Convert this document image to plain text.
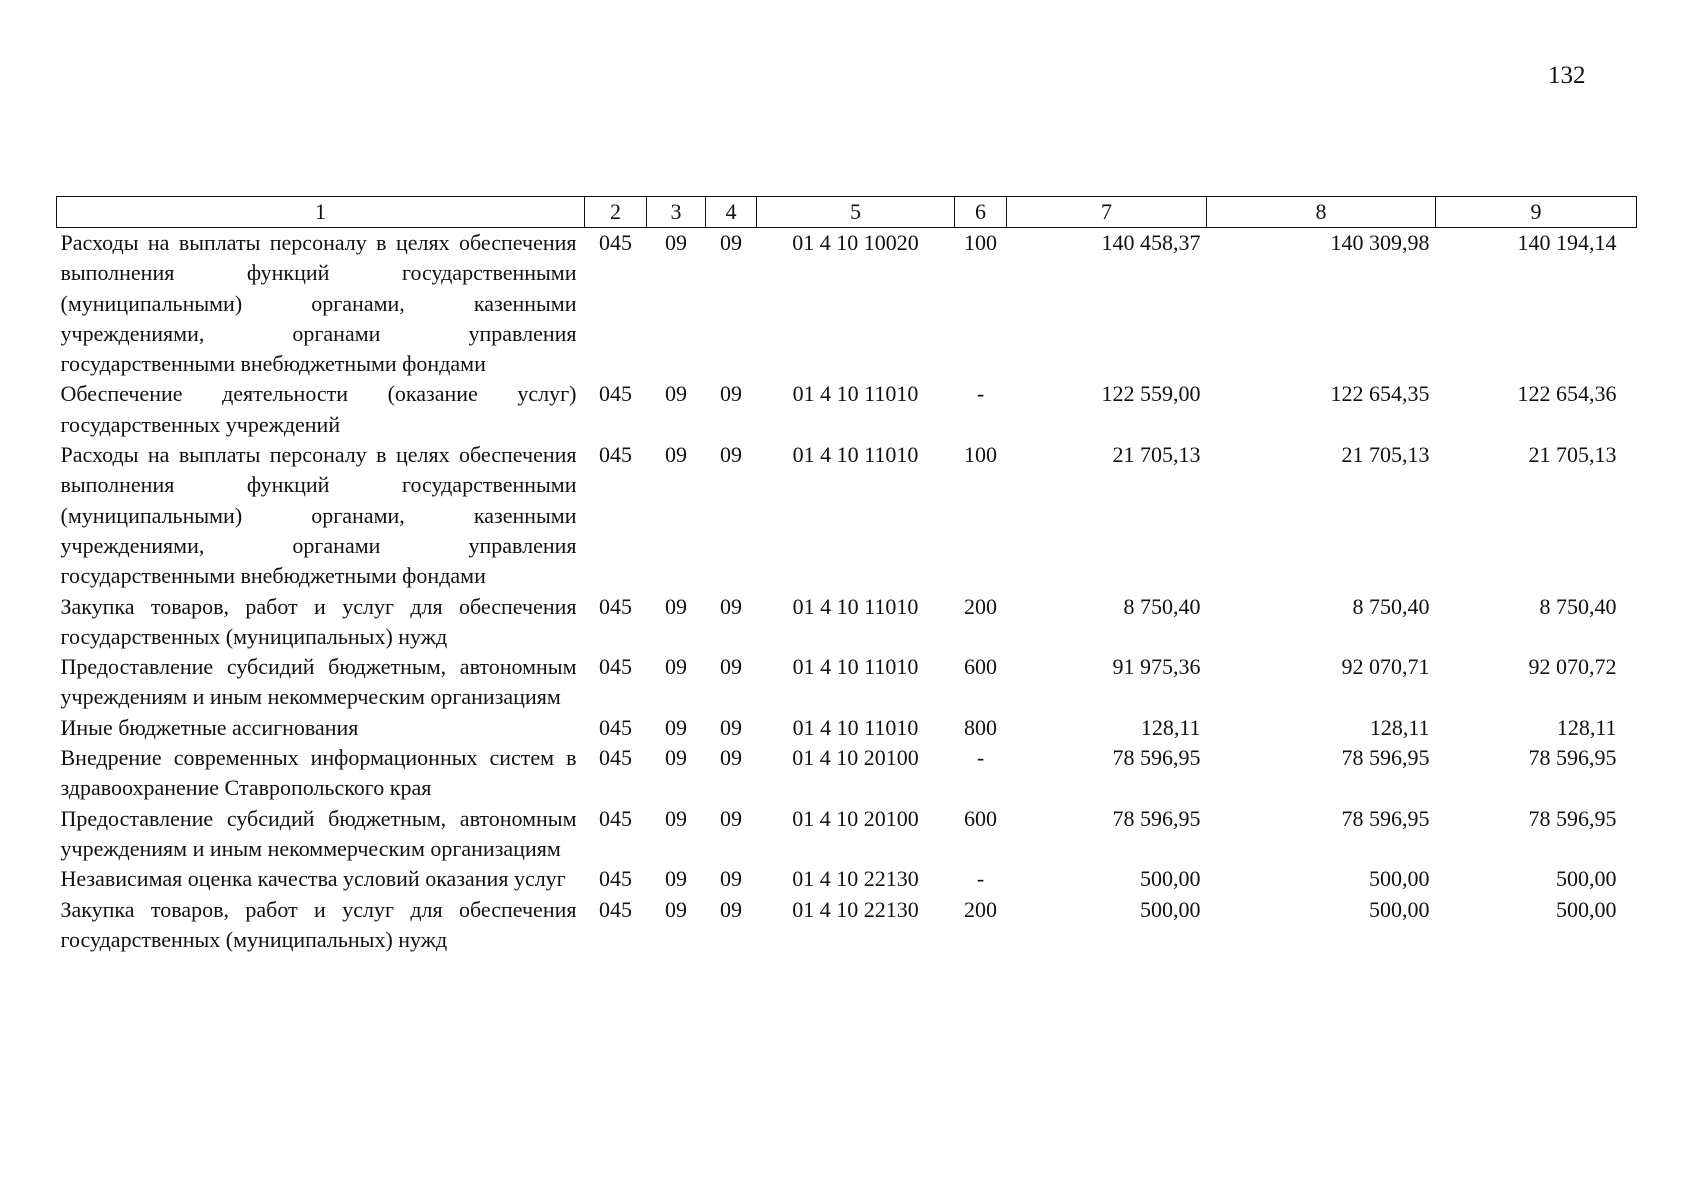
132
1	2	3	4	5	6	7	8	9
Расходы на выплаты персоналу в целях обеспечения выполнения функций государственными (муниципальными) органами, казенными учреждениями, органами управления государственными внебюджетными фондами	045	09	09	01 4 10 10020	100	140 458,37	140 309,98	140 194,14
Обеспечение деятельности (оказание услуг) государственных учреждений	045	09	09	01 4 10 11010	-	122 559,00	122 654,35	122 654,36
Расходы на выплаты персоналу в целях обеспечения выполнения функций государственными (муниципальными) органами, казенными учреждениями, органами управления государственными внебюджетными фондами	045	09	09	01 4 10 11010	100	21 705,13	21 705,13	21 705,13
Закупка товаров, работ и услуг для обеспечения государственных (муниципальных) нужд	045	09	09	01 4 10 11010	200	8 750,40	8 750,40	8 750,40
Предоставление субсидий бюджетным, автономным учреждениям и иным некоммерческим организациям	045	09	09	01 4 10 11010	600	91 975,36	92 070,71	92 070,72
Иные бюджетные ассигнования	045	09	09	01 4 10 11010	800	128,11	128,11	128,11
Внедрение современных информационных систем в здравоохранение Ставропольского края	045	09	09	01 4 10 20100	-	78 596,95	78 596,95	78 596,95
Предоставление субсидий бюджетным, автономным учреждениям и иным некоммерческим организациям	045	09	09	01 4 10 20100	600	78 596,95	78 596,95	78 596,95
Независимая оценка качества условий оказания услуг	045	09	09	01 4 10 22130	-	500,00	500,00	500,00
Закупка товаров, работ и услуг для обеспечения государственных (муниципальных) нужд	045	09	09	01 4 10 22130	200	500,00	500,00	500,00
